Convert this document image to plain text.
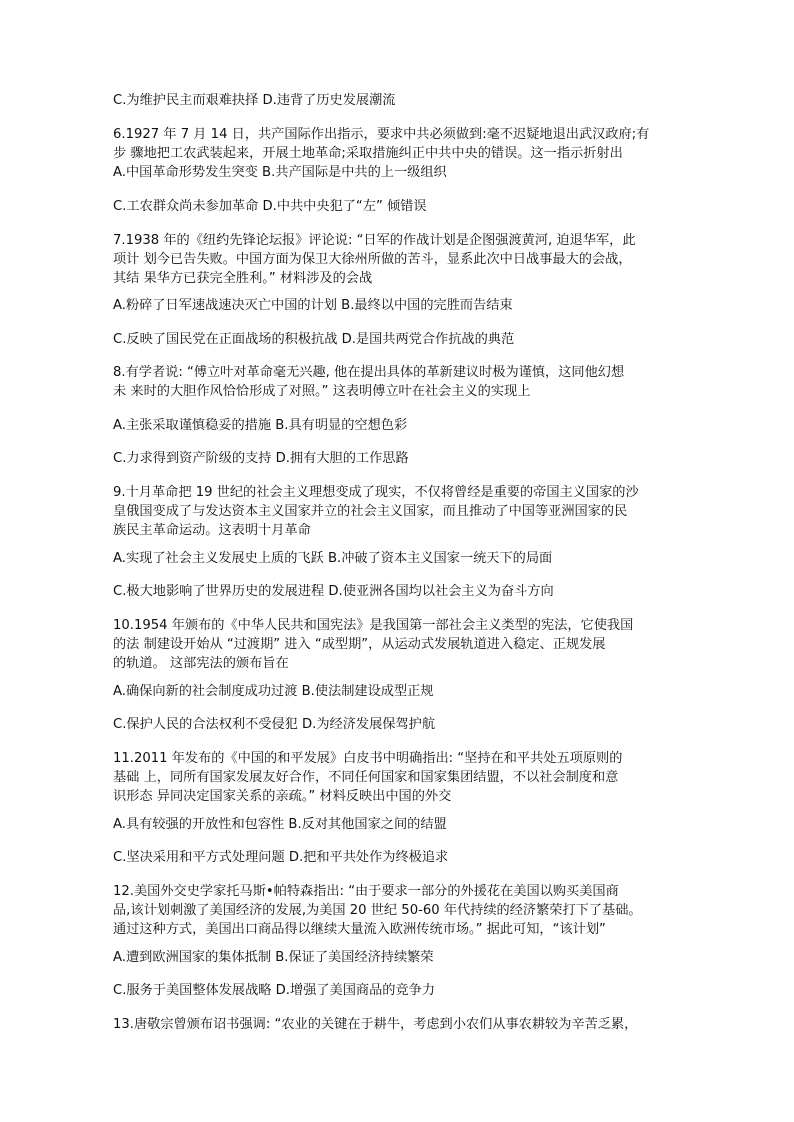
C.为维护民主而艰难抉择 D.违背了历史发展潮流
6.1927 年 7 月 14 日，共产国际作出指示，要求中共必须做到:毫不迟疑地退出武汉政府;有
步 骤地把工农武装起来，开展土地革命;采取措施纠正中共中央的错误。这一指示折射出
A.中国革命形势发生突变 B.共产国际是中共的上一级组织
C.工农群众尚未参加革命 D.中共中央犯了“左” 倾错误
7.1938 年的《纽约先锋论坛报》评论说: “日军的作战计划是企图强渡黄河, 迫退华军，此
项计 划今已告失败。中国方面为保卫大徐州所做的苦斗，显系此次中日战事最大的会战，
其结 果华方已获完全胜利。” 材料涉及的会战
A.粉碎了日军速战速决灭亡中国的计划 B.最终以中国的完胜而告结束
C.反映了国民党在正面战场的积极抗战 D.是国共两党合作抗战的典范
8.有学者说: “傅立叶对革命毫无兴趣, 他在提出具体的革新建议时极为谨慎，这同他幻想
未 来时的大胆作风恰恰形成了对照。” 这表明傅立叶在社会主义的实现上
A.主张采取谨慎稳妥的措施 B.具有明显的空想色彩
C.力求得到资产阶级的支持 D.拥有大胆的工作思路
9.十月革命把 19 世纪的社会主义理想变成了现实，不仅将曾经是重要的帝国主义国家的沙
皇俄国变成了与发达资本主义国家并立的社会主义国家，而且推动了中国等亚洲国家的民
族民主革命运动。这表明十月革命
A.实现了社会主义发展史上质的飞跃 B.冲破了资本主义国家一统天下的局面
C.极大地影响了世界历史的发展进程 D.使亚洲各国均以社会主义为奋斗方向
10.1954 年颁布的《中华人民共和国宪法》是我国第一部社会主义类型的宪法，它使我国
的法 制建设开始从 “过渡期” 进入 “成型期”，从运动式发展轨道进入稳定、正规发展
的轨道。 这部宪法的颁布旨在
A.确保向新的社会制度成功过渡 B.使法制建设成型正规
C.保护人民的合法权利不受侵犯 D.为经济发展保驾护航
11.2011 年发布的《中国的和平发展》白皮书中明确指出: “坚持在和平共处五项原则的
基础 上，同所有国家发展友好合作，不同任何国家和国家集团结盟，不以社会制度和意
识形态 异同决定国家关系的亲疏。” 材料反映出中国的外交
A.具有较强的开放性和包容性 B.反对其他国家之间的结盟
C.坚决采用和平方式处理问题 D.把和平共处作为终极追求
12.美国外交史学家托马斯•帕特森指出: “由于要求一部分的外援花在美国以购买美国商
品,该计划刺激了美国经济的发展,为美国 20 世纪 50-60 年代持续的经济繁荣打下了基础。
通过这种方式，美国出口商品得以继续大量流入欧洲传统市场。” 据此可知，“该计划”
A.遭到欧洲国家的集体抵制 B.保证了美国经济持续繁荣
C.服务于美国整体发展战略 D.增强了美国商品的竞争力
13.唐敬宗曾颁布诏书强调: “农业的关键在于耕牛，考虑到小农们从事农耕较为辛苦乏累，
